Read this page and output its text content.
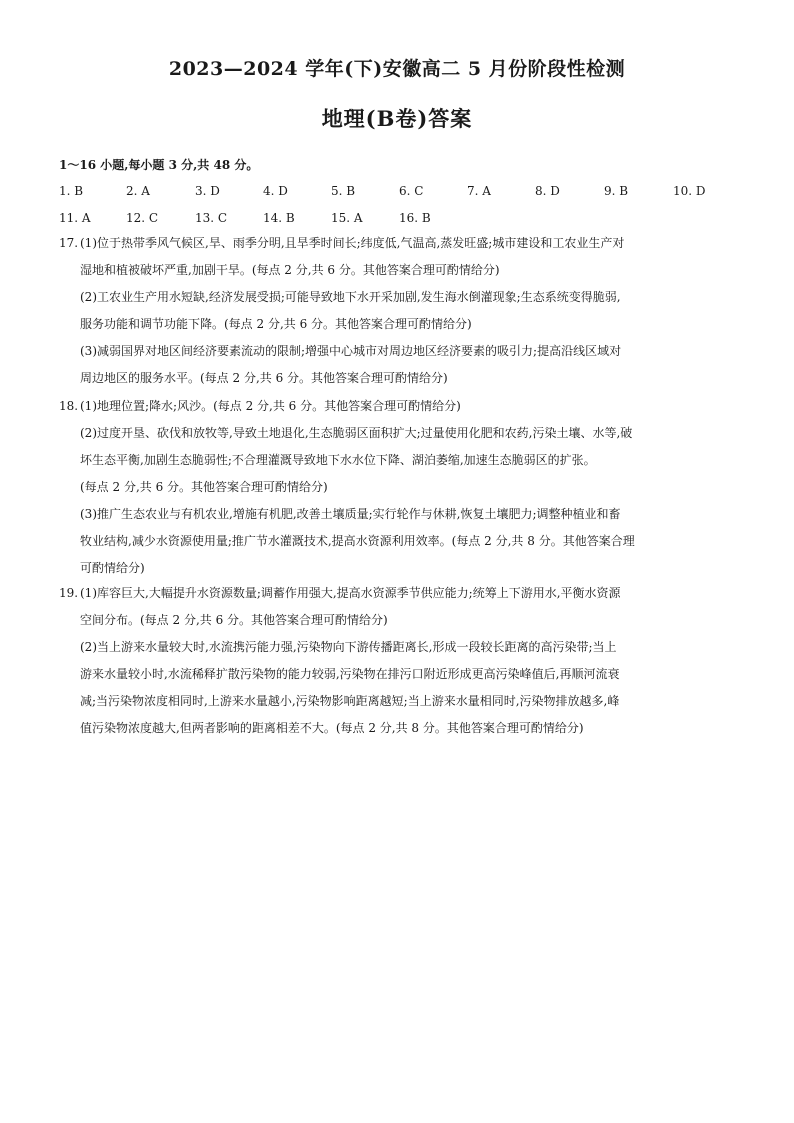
2023—2024 学年(下)安徽高二 5 月份阶段性检测
地理(B卷)答案
1～16 小题,每小题 3 分,共 48 分。
1. B	2. A	3. D	4. D	5. B	6. C	7. A	8. D	9. B	10. D
11. A	12. C	13. C	14. B	15. A	16. B
17. (1)位于热带季风气候区,旱、雨季分明,且旱季时间长;纬度低,气温高,蒸发旺盛;城市建设和工农业生产对
湿地和植被破坏严重,加剧干旱。(每点 2 分,共 6 分。其他答案合理可酌情给分)
(2)工农业生产用水短缺,经济发展受损;可能导致地下水开采加剧,发生海水倒灌现象;生态系统变得脆弱,
服务功能和调节功能下降。(每点 2 分,共 6 分。其他答案合理可酌情给分)
(3)减弱国界对地区间经济要素流动的限制;增强中心城市对周边地区经济要素的吸引力;提高沿线区域对
周边地区的服务水平。(每点 2 分,共 6 分。其他答案合理可酌情给分)
18. (1)地理位置;降水;风沙。(每点 2 分,共 6 分。其他答案合理可酌情给分)
(2)过度开垦、砍伐和放牧等,导致土地退化,生态脆弱区面积扩大;过量使用化肥和农药,污染土壤、水等,破
坏生态平衡,加剧生态脆弱性;不合理灌溉导致地下水水位下降、湖泊萎缩,加速生态脆弱区的扩张。
(每点 2 分,共 6 分。其他答案合理可酌情给分)
(3)推广生态农业与有机农业,增施有机肥,改善土壤质量;实行轮作与休耕,恢复土壤肥力;调整种植业和畜
牧业结构,减少水资源使用量;推广节水灌溉技术,提高水资源利用效率。(每点 2 分,共 8 分。其他答案合理
可酌情给分)
19. (1)库容巨大,大幅提升水资源数量;调蓄作用强大,提高水资源季节供应能力;统筹上下游用水,平衡水资源
空间分布。(每点 2 分,共 6 分。其他答案合理可酌情给分)
(2)当上游来水量较大时,水流携污能力强,污染物向下游传播距离长,形成一段较长距离的高污染带;当上
游来水量较小时,水流稀释扩散污染物的能力较弱,污染物在排污口附近形成更高污染峰值后,再顺河流衰
减;当污染物浓度相同时,上游来水量越小,污染物影响距离越短;当上游来水量相同时,污染物排放越多,峰
值污染物浓度越大,但两者影响的距离相差不大。(每点 2 分,共 8 分。其他答案合理可酌情给分)
